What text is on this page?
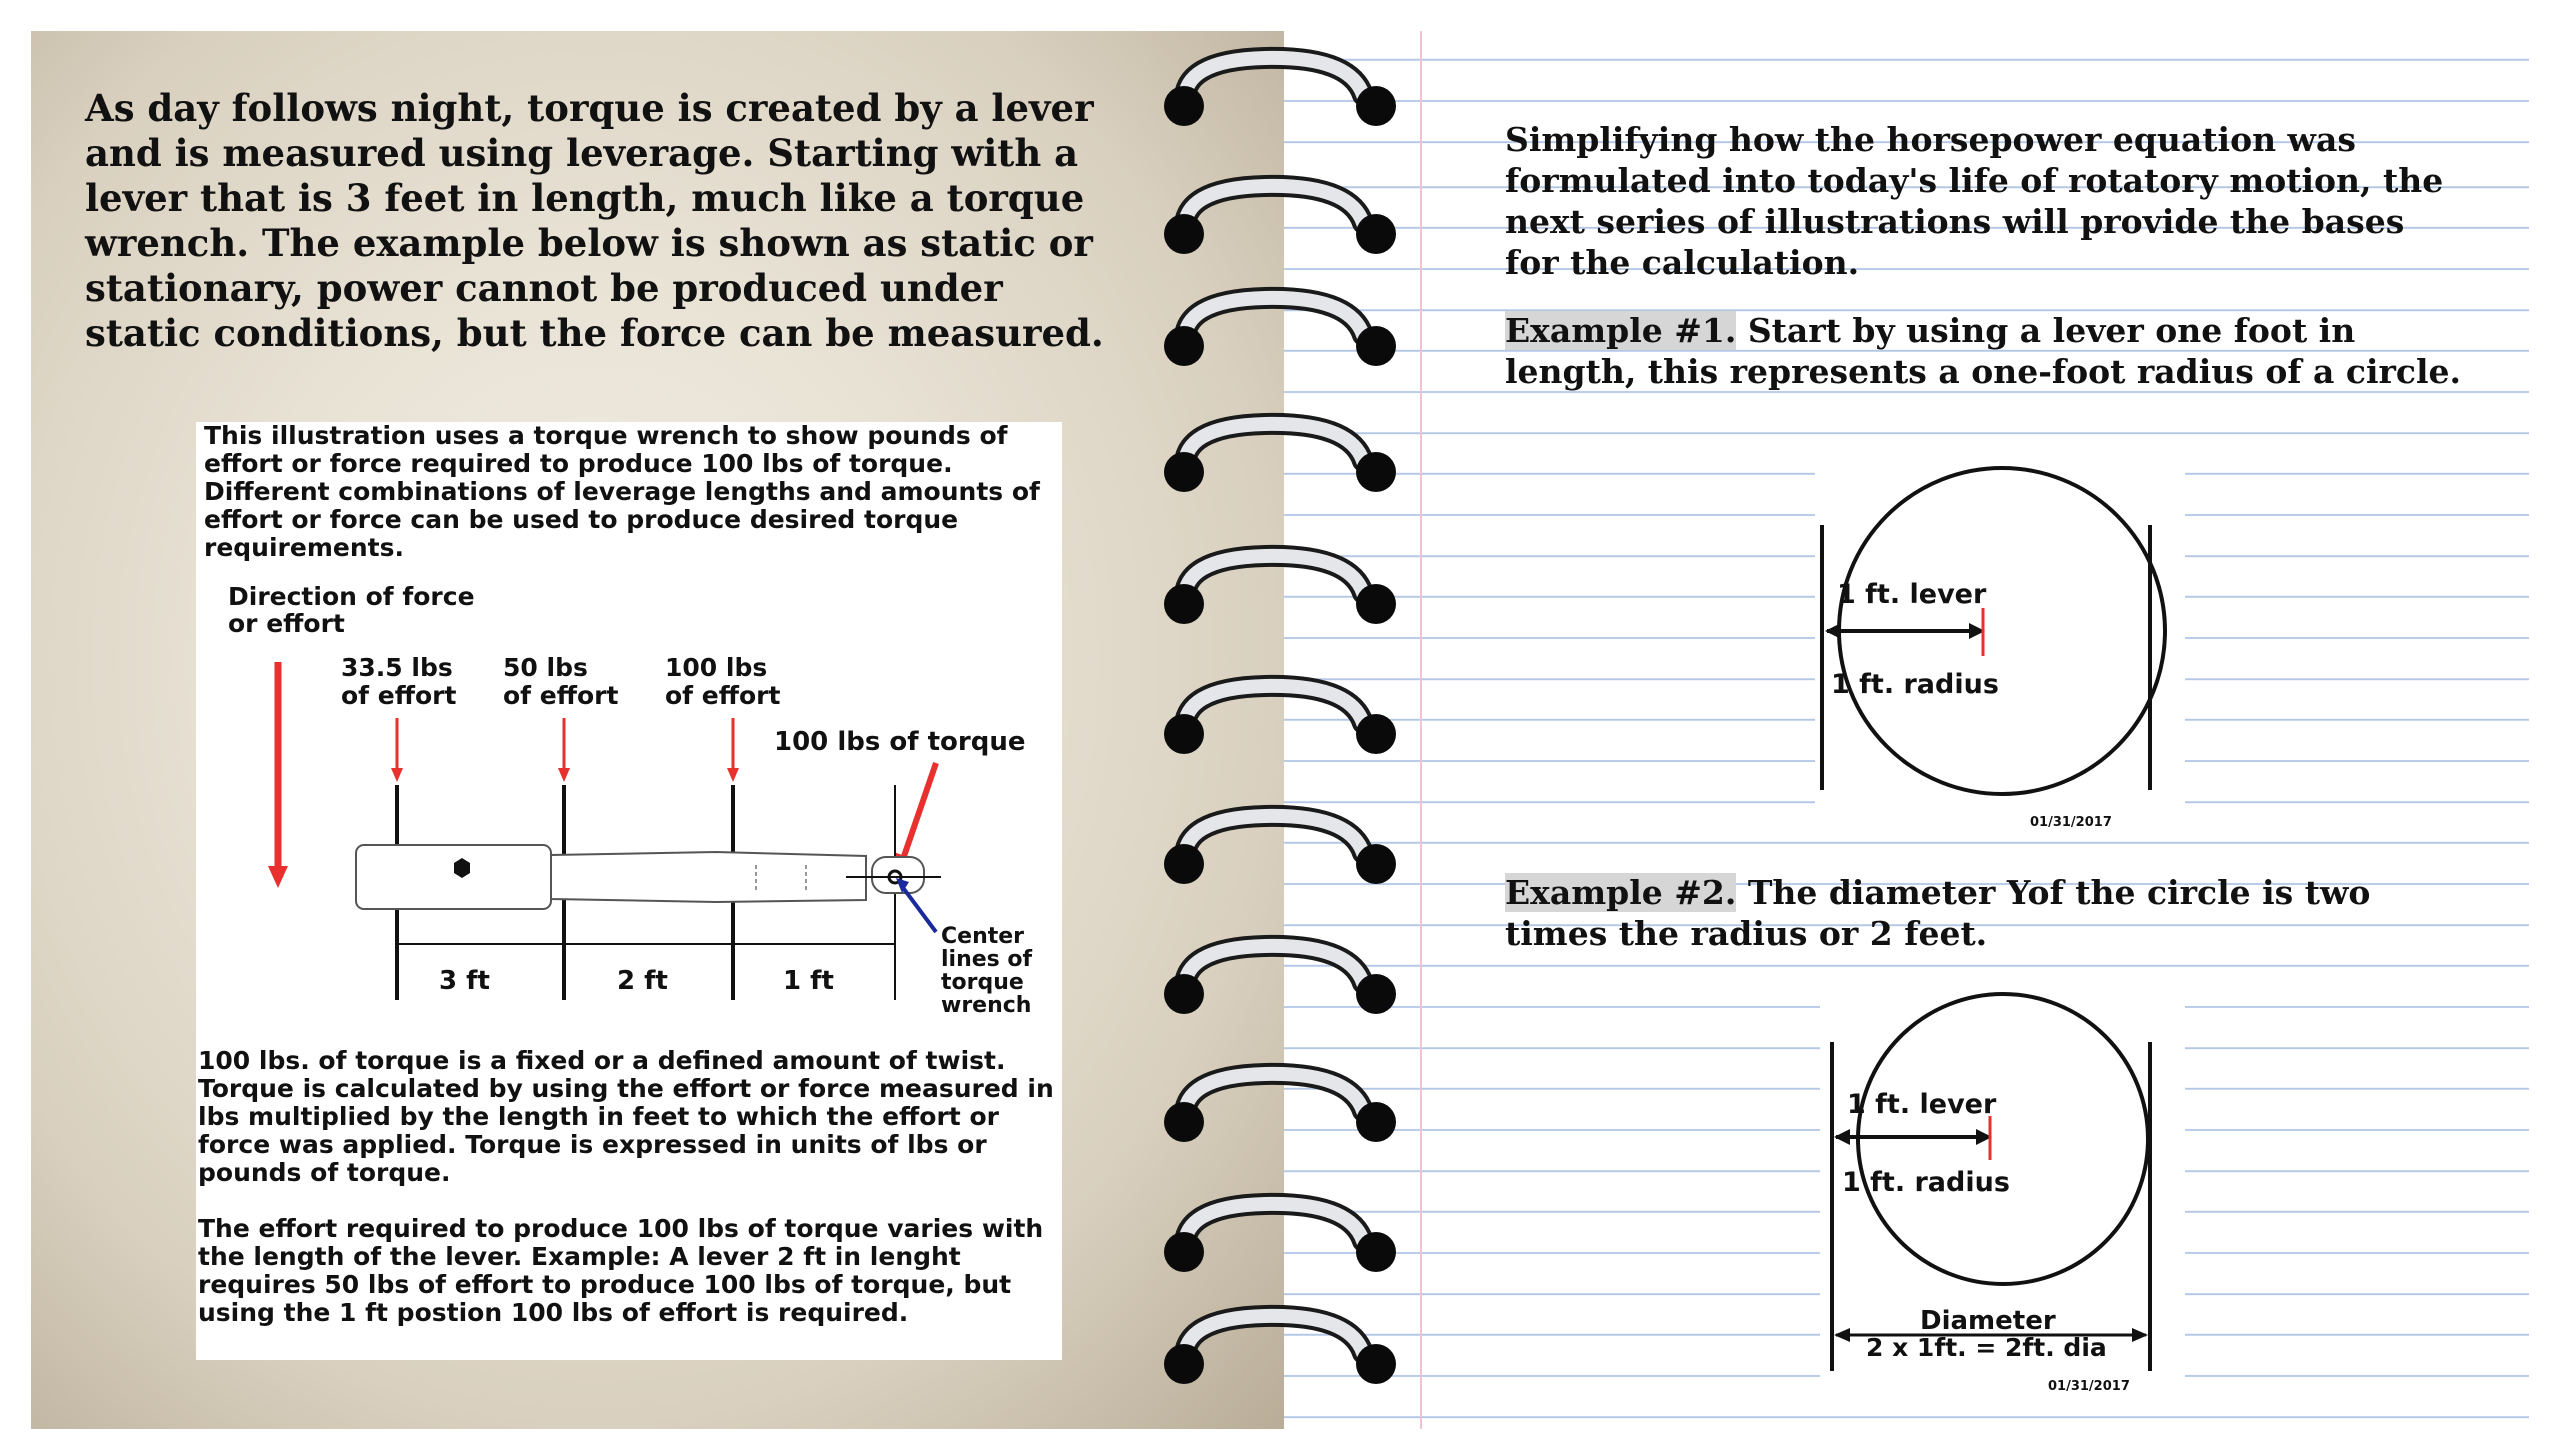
As day follows night, torque is created by a lever
and is measured using leverage. Starting with a
lever that is 3 feet in length, much like a torque
wrench. The example below is shown as static or
stationary, power cannot be produced under
static conditions, but the force can be measured.

This illustration uses a torque wrench to show pounds of effort or force required to produce 100 lbs of torque. Different combinations of leverage lengths and amounts of effort or force can be used to produce desired torque requirements.

Direction of force
or effort
33.5 lbs
of effort
50 lbs
of effort
100 lbs
of effort
100 lbs of torque
3 ft	2 ft	1 ft
Center
lines of
torque
wrench

100 lbs. of torque is a fixed or a defined amount of twist. Torque is calculated by using the effort or force measured in lbs multiplied by the length in feet to which the effort or force was applied. Torque is expressed in units of lbs or pounds of torque.

The effort required to produce 100 lbs of torque varies with the length of the lever. Example: A lever 2 ft in lenght requires 50 lbs of effort to produce 100 lbs of torque, but using the 1 ft postion 100 lbs of effort is required.

Simplifying how the horsepower equation was formulated into today's life of rotatory motion, the next series of illustrations will provide the bases for the calculation.

Example #1. Start by using a lever one foot in length, this represents a one-foot radius of a circle.

Example #2. The diameter Yof the circle is two times the radius or 2 feet.

1 ft. lever
1 ft. radius
01/31/2017
1 ft. lever
1 ft. radius
Diameter
2 x 1ft. = 2ft. dia
01/31/2017
